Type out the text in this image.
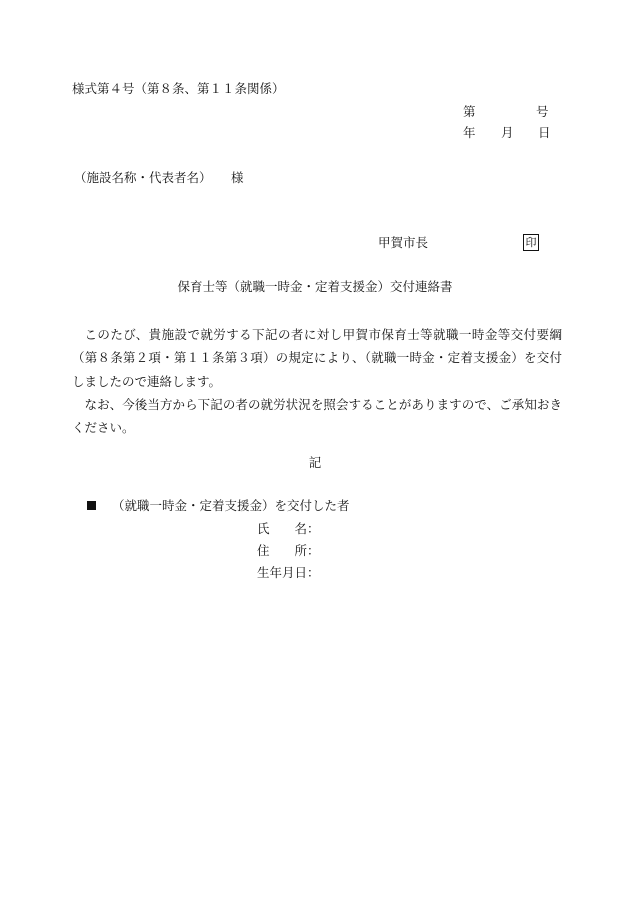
様式第４号（第８条、第１１条関係）
第	号
年 月 日
（施設名称・代表者名） 様
甲賀市長	印
保育士等（就職一時金・定着支援金）交付連絡書

このたび、貴施設で就労する下記の者に対し甲賀市保育士等就職一時金等交付要綱（第８条第２項・第１１条第３項）の規定により、（就職一時金・定着支援金）を交付しましたので連絡します。

なお、今後当方から下記の者の就労状況を照会することがありますので、ご承知おきください。

記
（就職一時金・定着支援金）を交付した者
氏　　名：
住　　所：
生年月日：
